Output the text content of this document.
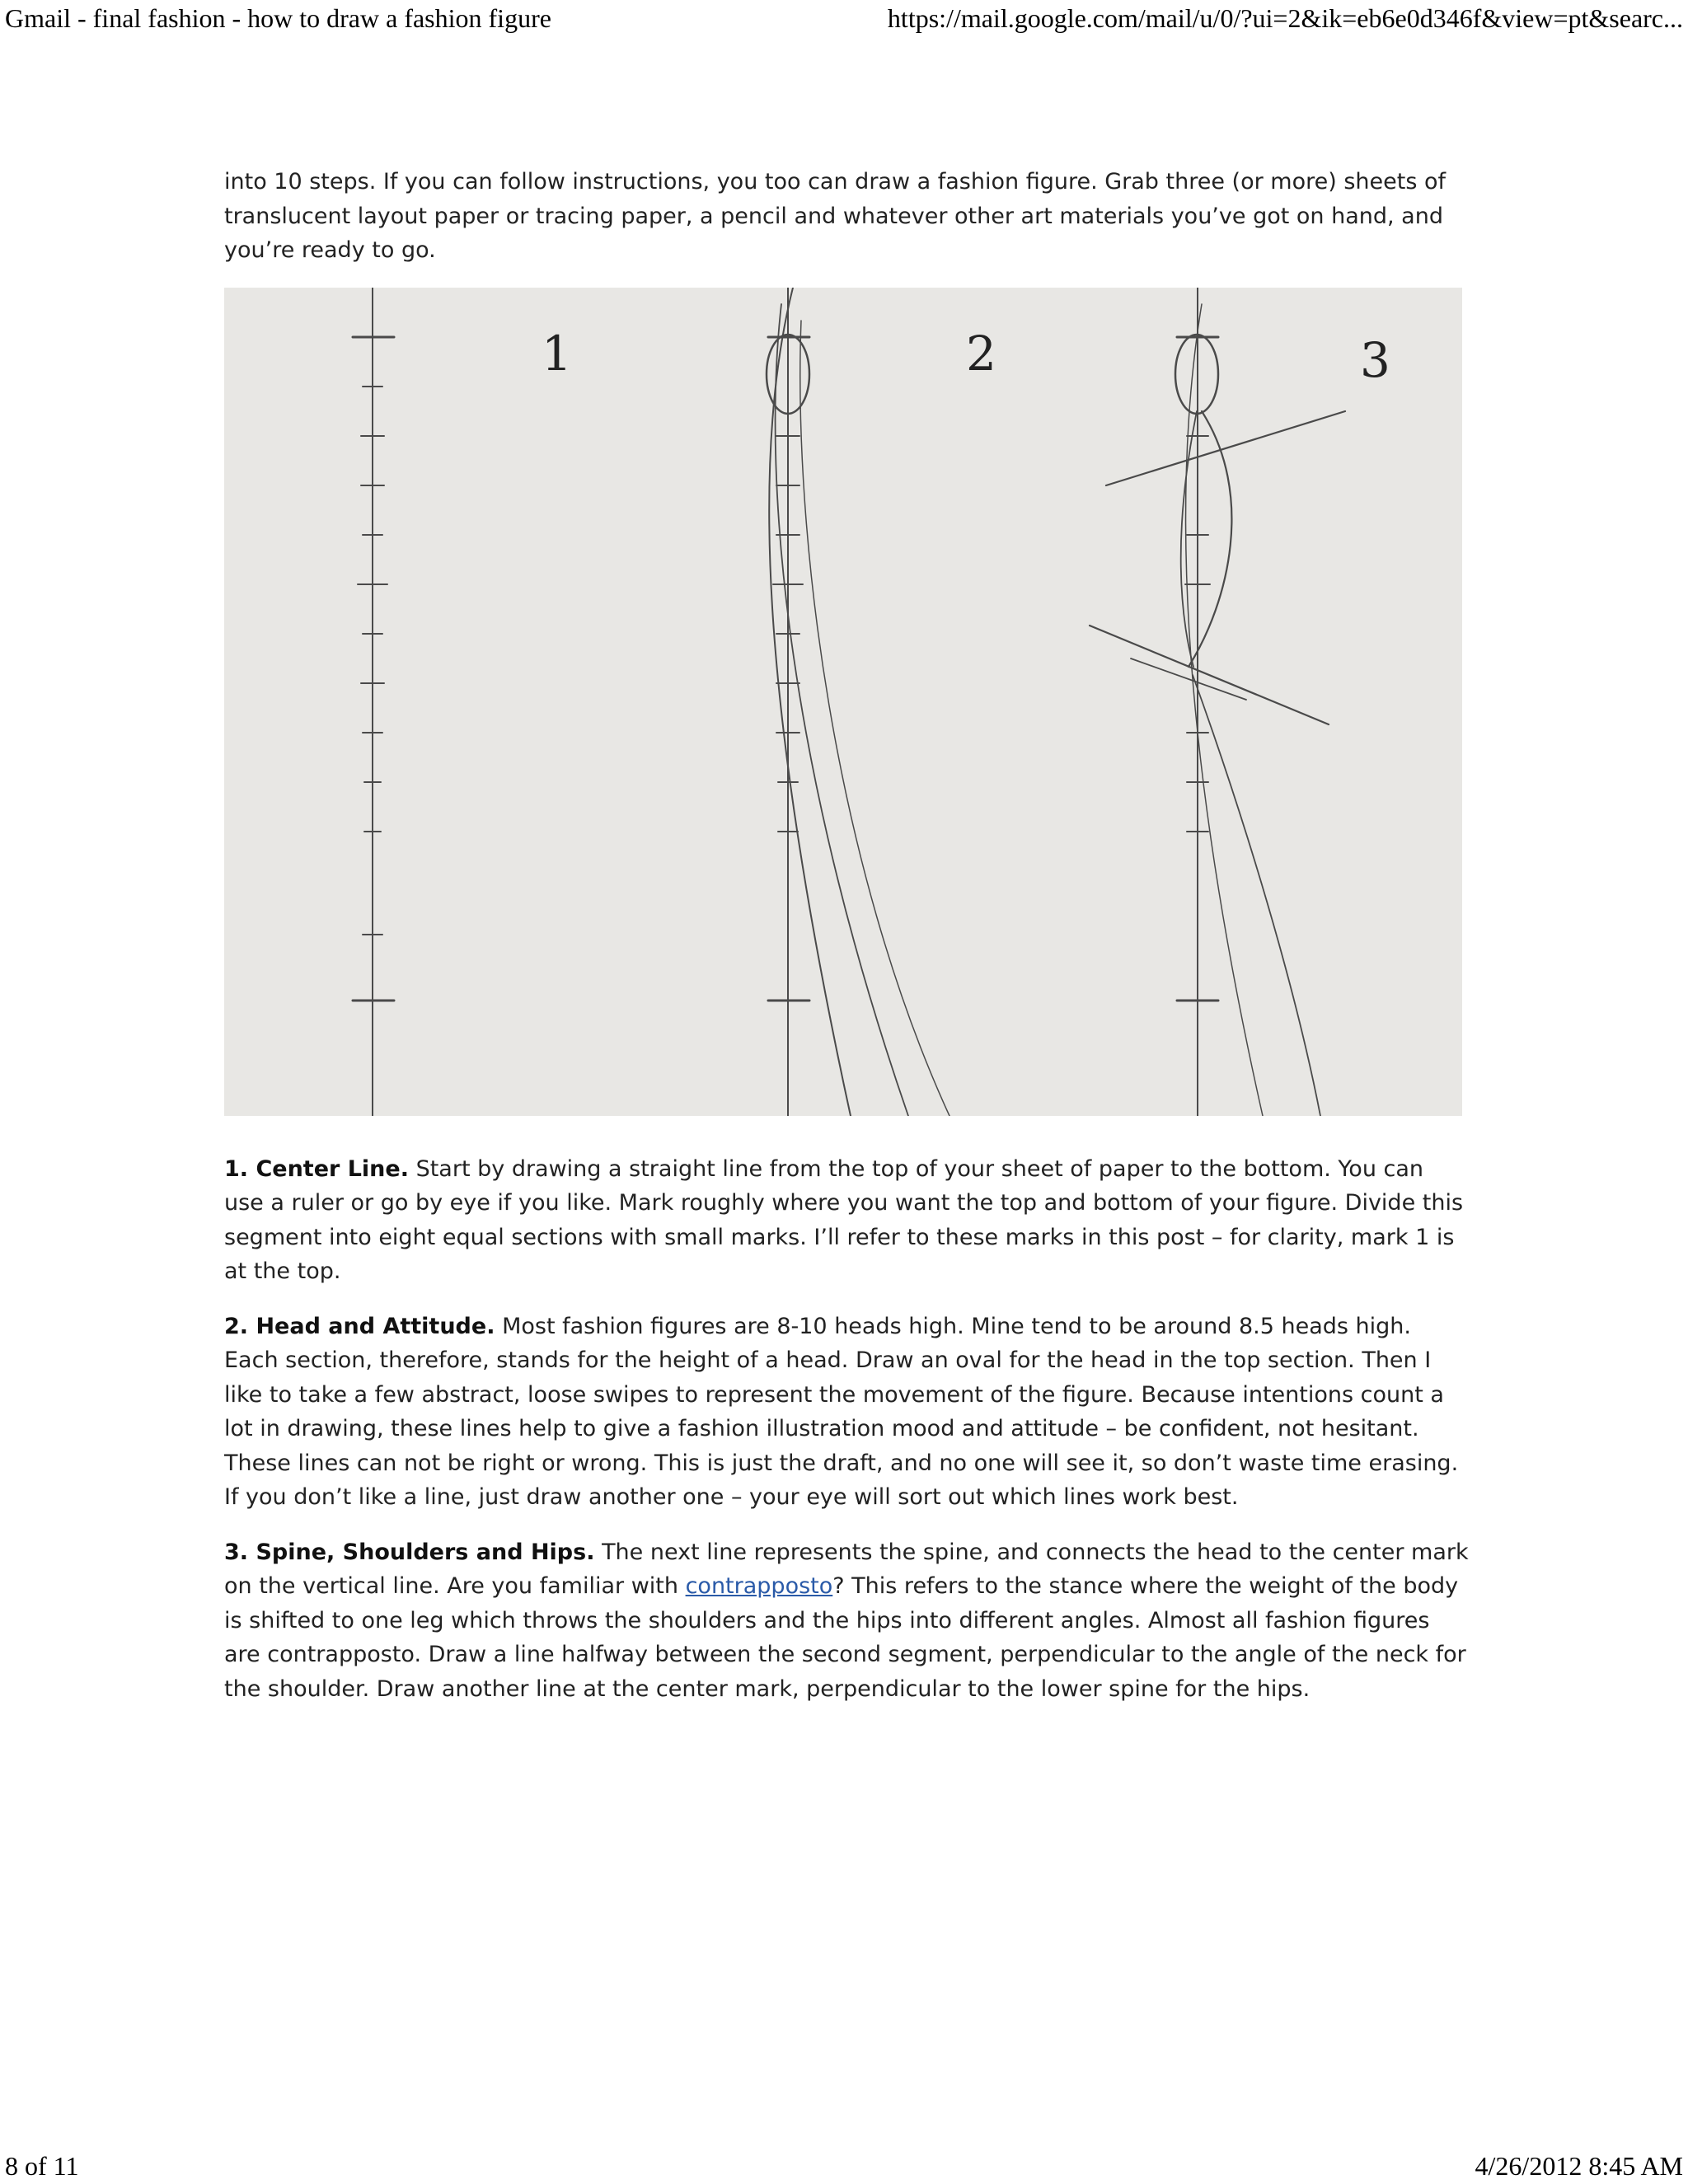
Gmail - final fashion - how to draw a fashion figure	https://mail.google.com/mail/u/0/?ui=2&ik=eb6e0d346f&view=pt&searc...

into 10 steps. If you can follow instructions, you too can draw a fashion figure. Grab three (or more) sheets of translucent layout paper or tracing paper, a pencil and whatever other art materials you’ve got on hand, and you’re ready to go.

1	2	3

1. Center Line. Start by drawing a straight line from the top of your sheet of paper to the bottom. You can use a ruler or go by eye if you like. Mark roughly where you want the top and bottom of your figure. Divide this segment into eight equal sections with small marks. I’ll refer to these marks in this post – for clarity, mark 1 is at the top.

2. Head and Attitude. Most fashion figures are 8-10 heads high. Mine tend to be around 8.5 heads high. Each section, therefore, stands for the height of a head. Draw an oval for the head in the top section. Then I like to take a few abstract, loose swipes to represent the movement of the figure. Because intentions count a lot in drawing, these lines help to give a fashion illustration mood and attitude – be confident, not hesitant. These lines can not be right or wrong. This is just the draft, and no one will see it, so don’t waste time erasing. If you don’t like a line, just draw another one – your eye will sort out which lines work best.

3. Spine, Shoulders and Hips. The next line represents the spine, and connects the head to the center mark on the vertical line. Are you familiar with contrapposto? This refers to the stance where the weight of the body is shifted to one leg which throws the shoulders and the hips into different angles. Almost all fashion figures are contrapposto. Draw a line halfway between the second segment, perpendicular to the angle of the neck for the shoulder. Draw another line at the center mark, perpendicular to the lower spine for the hips.

8 of 11	4/26/2012 8:45 AM
